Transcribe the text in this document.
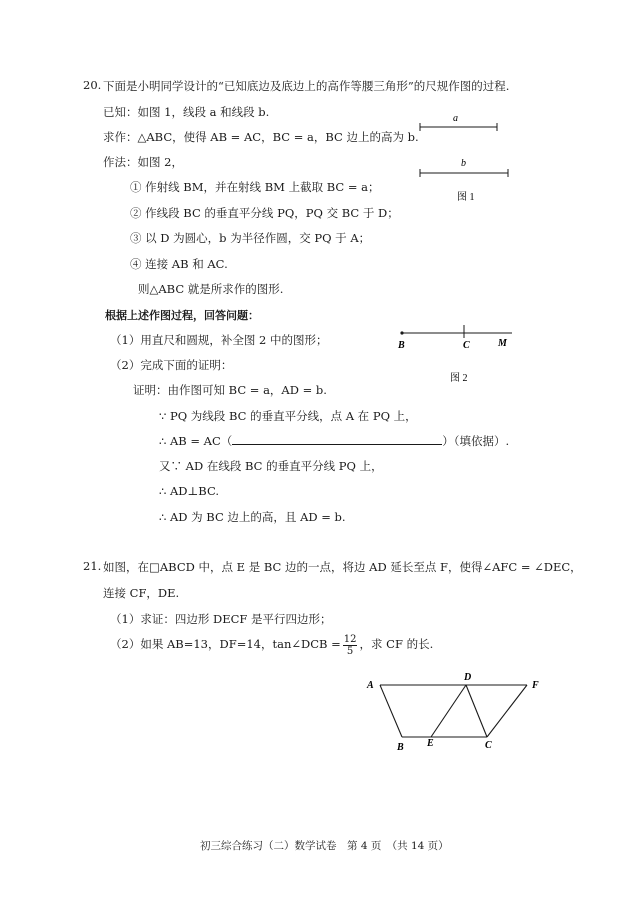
20. 下面是小明同学设计的“已知底边及底边上的高作等腰三角形”的尺规作图的过程.
已知：如图 1，线段 a 和线段 b.
求作：△ABC，使得 AB = AC，BC = a，BC 边上的高为 b.
作法：如图 2，
① 作射线 BM，并在射线 BM 上截取 BC = a；
② 作线段 BC 的垂直平分线 PQ，PQ 交 BC 于 D；
③ 以 D 为圆心，b 为半径作圆，交 PQ 于 A；
④ 连接 AB 和 AC.
则△ABC 就是所求作的图形.
根据上述作图过程，回答问题：
（1）用直尺和圆规，补全图 2 中的图形；
（2）完成下面的证明：
证明：由作图可知 BC = a，AD = b.
∵ PQ 为线段 BC 的垂直平分线，点 A 在 PQ 上，
∴ AB = AC（	）（填依据）.
又∵ AD 在线段 BC 的垂直平分线 PQ 上，
∴ AD⊥BC.
∴ AD 为 BC 边上的高，且 AD = b.
a
b
图 1
B	C	M
图 2
21. 如图，在□ABCD 中，点 E 是 BC 边的一点，将边 AD 延长至点 F，使得∠AFC = ∠DEC，
连接 CF，DE.
（1）求证：四边形 DECF 是平行四边形；
（2）如果 AB=13，DF=14，tan∠DCB = $\frac{12}{5}$ ，求 CF 的长.
A
D
F
B E	C
初三综合练习（二）数学试卷　第 4 页　（共 14 页）
